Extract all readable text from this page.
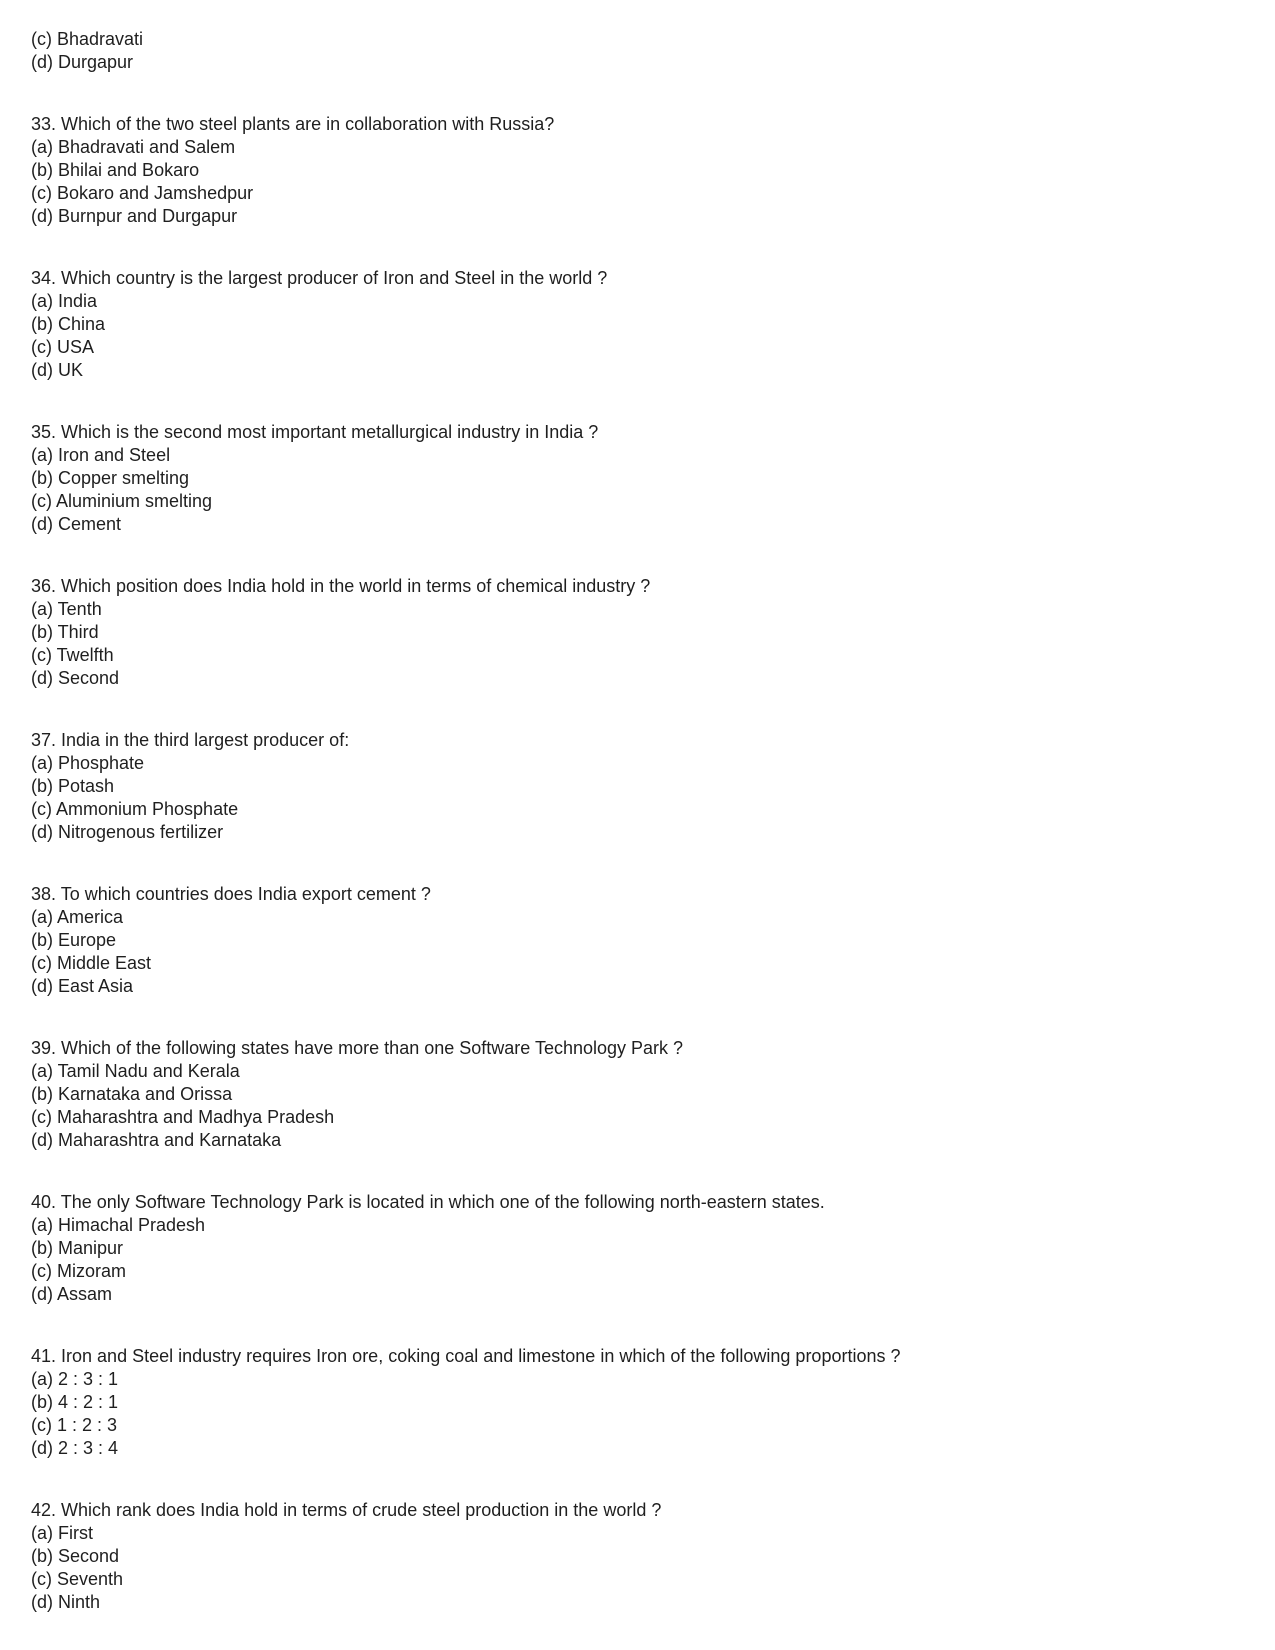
(c) Bhadravati
(d) Durgapur
33. Which of the two steel plants are in collaboration with Russia?
(a) Bhadravati and Salem
(b) Bhilai and Bokaro
(c) Bokaro and Jamshedpur
(d) Burnpur and Durgapur
34. Which country is the largest producer of Iron and Steel in the world ?
(a) India
(b) China
(c) USA
(d) UK
35. Which is the second most important metallurgical industry in India ?
(a) Iron and Steel
(b) Copper smelting
(c) Aluminium smelting
(d) Cement
36. Which position does India hold in the world in terms of chemical industry ?
(a) Tenth
(b) Third
(c) Twelfth
(d) Second
37. India in the third largest producer of:
(a) Phosphate
(b) Potash
(c) Ammonium Phosphate
(d) Nitrogenous fertilizer
38. To which countries does India export cement ?
(a) America
(b) Europe
(c) Middle East
(d) East Asia
39. Which of the following states have more than one Software Technology Park ?
(a) Tamil Nadu and Kerala
(b) Karnataka and Orissa
(c) Maharashtra and Madhya Pradesh
(d) Maharashtra and Karnataka
40. The only Software Technology Park is located in which one of the following north-eastern states.
(a) Himachal Pradesh
(b) Manipur
(c) Mizoram
(d) Assam
41. Iron and Steel industry requires Iron ore, coking coal and limestone in which of the following proportions ?
(a) 2 : 3 : 1
(b) 4 : 2 : 1
(c) 1 : 2 : 3
(d) 2 : 3 : 4
42. Which rank does India hold in terms of crude steel production in the world ?
(a) First
(b) Second
(c) Seventh
(d) Ninth
